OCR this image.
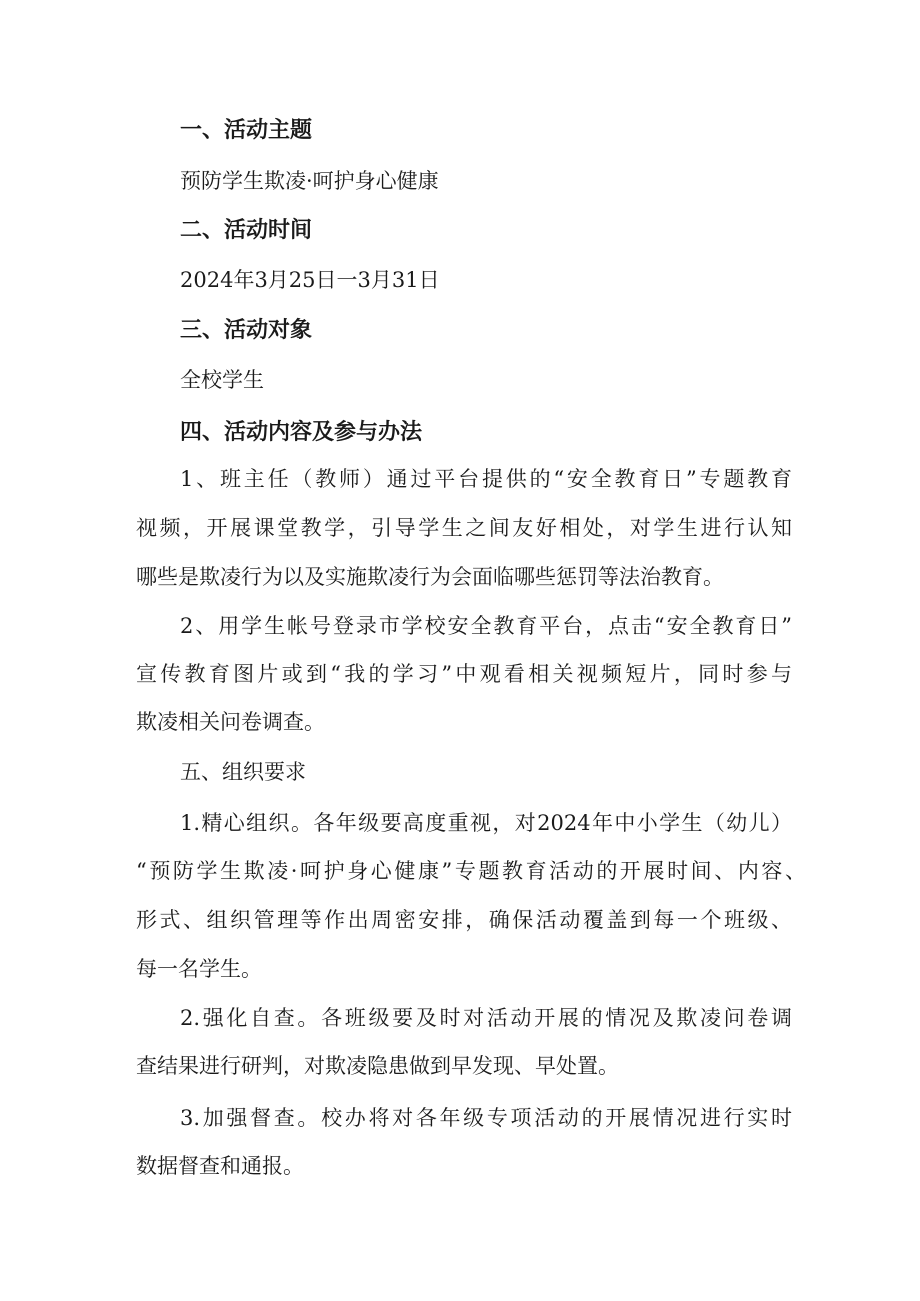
一、活动主题
预防学生欺凌·呵护身心健康
二、活动时间
2024年3月25日一3月31日
三、活动对象
全校学生
四、活动内容及参与办法
1、班主任（教师）通过平台提供的“安全教育日”专题教育
视频，开展课堂教学，引导学生之间友好相处，对学生进行认知
哪些是欺凌行为以及实施欺凌行为会面临哪些惩罚等法治教育。
2、用学生帐号登录市学校安全教育平台，点击“安全教育日”
宣传教育图片或到“我的学习”中观看相关视频短片，同时参与
欺凌相关问卷调查。
五、组织要求
1.精心组织。各年级要高度重视，对2024年中小学生（幼儿）
“预防学生欺凌·呵护身心健康”专题教育活动的开展时间、内容、
形式、组织管理等作出周密安排，确保活动覆盖到每一个班级、
每一名学生。
2.强化自查。各班级要及时对活动开展的情况及欺凌问卷调
查结果进行研判，对欺凌隐患做到早发现、早处置。
3.加强督查。校办将对各年级专项活动的开展情况进行实时
数据督查和通报。
